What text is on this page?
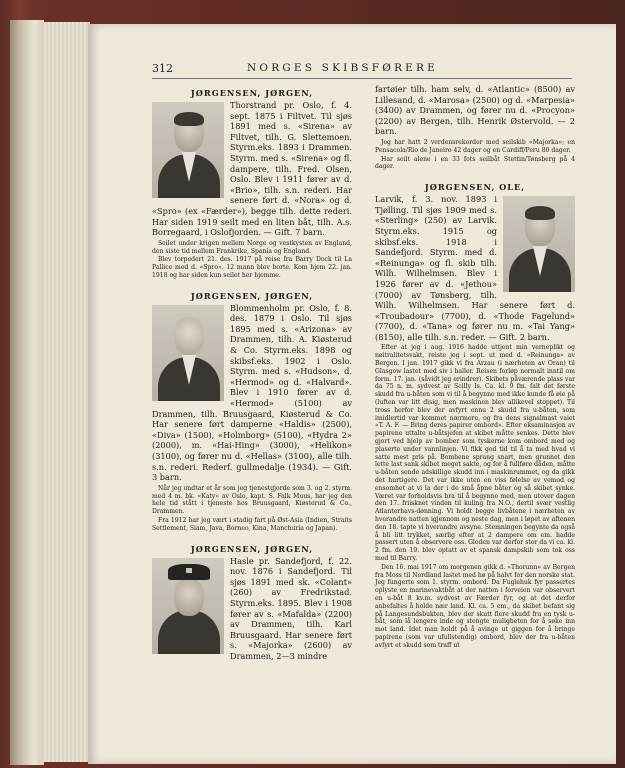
312	NORGES SKIBSFØRERE
JØRGENSEN, JØRGEN,

Thorstrand pr. Oslo, f. 4. sept. 1875 i Filtvet. Til sjøs 1891 med s. «Sirena» av Filtvet, tilh. G. Slettemoen. Styrm.eks. 1893 i Drammen. Styrm. med s. «Sirena» og fl. dampere, tilh. Fred. Olsen, Oslo. Blev i 1911 fører av d. «Brio», tilh. s.n. rederi. Har senere ført d. «Nora» og d. «Spro» (ex «Færder»), begge tilh. dette rederi. Har siden 1919 seilt med en liten båt, tilh. A.s. Borregaard, i Oslofjorden. — Gift. 7 barn.

Seilet under krigen mellem Norge og vestkysten av England, den siste tid mellem Frankrike, Spania og England.

Blev torpedert 21. des. 1917 på reise fra Barry Dock til La Pallice med d. «Spro». 12 mann blev borte. Kom hjem 22. jan. 1918 og har siden kun seilet her hjemme.

JØRGENSEN, JØRGEN,

Blommenholm pr. Oslo, f. 8. des. 1879 i Oslo. Til sjøs 1895 med s. «Arizona» av Drammen, tilh. A. Kiøsterud & Co. Styrm.eks. 1898 og skibsf.eks. 1902 i Oslo. Styrm. med s. «Hudson», d. «Hermod» og d. «Halvard». Blev i 1910 fører av d. «Hermod» (5100) av Drammen, tilh. Bruusgaard, Kiøsterud & Co. Har senere ført damperne «Haldis» (2500), «Diva» (1500), «Holmborg» (5100), «Hydra 2» (2000), m. «Hai-Hing» (3000), «Helikon» (3100), og fører nu d. «Hellas» (3100), alle tilh. s.n. rederi. Rederf. gullmedalje (1934). — Gift. 3 barn.

Når jeg undtar et år som jeg tjenestgjorde som 3. og 2. styrm. med 4 m. bk. «Katy» av Oslo, kapt. S. Falk Muus, har jeg den hele tid stått i tjeneste hos Bruusgaard, Kiøsterud & Co., Drammen.

Fra 1912 har jeg vært i stadig fart på Øst-Asia (Indien, Straits Settlement, Siam, Java, Borneo, Kina, Manchuria og Japan).

JØRGENSEN, JØRGEN,

Hasle pr. Sandefjord, f. 22. nov. 1876 i Sandefjord. Til sjøs 1891 med sk. «Colant» (260) av Fredrikstad. Styrm.eks. 1895. Blev i 1908 fører av s. «Mafalda» (2200) av Drammen, tilh. Karl Bruusgaard. Har senere ført s. «Majorka» (2600) av Drammen, 2—3 mindre

fartøier tilh. ham selv, d. «Atlantic» (8500) av Lillesand, d. «Marosa» (2500) og d. «Marpesia» (3400) av Drammen, og fører nu d. «Procyon» (2200) av Bergen, tilh. Henrik Østervold. — 2 barn.

Jeg har hatt 2 verdensrekorder med seilskib «Majorka»; en Pensacola/Rio de Janeiro 42 dager og en Cardiff/Peru 80 dager.

Har seilt alene i en 33 fots seilbåt Stettin/Tønsberg på 4 dager.

JØRGENSEN, OLE,

Larvik, f. 3. nov. 1893 i Tjølling. Til sjøs 1909 med s. «Sterling» (250) av Larvik. Styrm.eks. 1915 og skibsf.eks. 1918 i Sandefjord. Styrm. med d. «Reinunga» og fl. skib tilh. Wilh. Wilhelmsen. Blev i 1926 fører av d. «Jethou» (7000) av Tønsberg, tilh. Wilh. Wilhelmsen. Har senere ført d. «Troubadour» (7700), d. «Thode Fagelund» (7700), d. «Tana» og fører nu m. «Tai Yang» (8150), alle tilh. s.n. reder. — Gift. 2 barn.

Efter at jeg i aug. 1916 hadde uttjent min verneplikt og nøitralitetsvakt, reiste jeg i sept. ut med d. «Reinunga» av Bergen. I jan. 1917 gikk vi fra Arzau (i nærheten av Oran) til Glasgow lastet med siv i baller. Reisen forløp normalt inntil om form. 17. jan. (såvidt jeg erindrer). Skibets påværende plass var da 75 n. m. sydvest av Scilly Is. Ca. kl. 9 fm. falt det første skudd fra u-båten som vi til å begynne med ikke kunde få øie på (luften var litt disig, men maskinen blev allikevel stoppet). Til tross herfor blev der avfyrt ennu 2 skudd fra u-båten, som imidlertid var kommet nærmere, og fra dens signalmast vaiet «T. A. F. — Bring deres papirer ombord». Efter eksaminasjon av papirene uttalte u-båtsjefen at skibet måtte senkes. Dette blev gjort ved hjelp av bomber som tyskerne kom ombord med og plaserte under vannlinjen. Vi fikk god tid til å ta med hvad vi satte mest pris på. Bombene sprang snart, men grunnet den lette last sank skibet meget sakte, og for å fullføre dåden, måtte u-båten sende adskillige skudd inn i maskinrummet, og da gikk det hurtigere. Det var ikke uten en viss følelse av vemod og ensomhet at vi la der i de små åpne båter og så skibet synke. Været var forholdsvis bra til å begynne med, men utover dagen den 17. friisknet vinden til kuling fra N.O., dertil svær vestlig Atlanterhavs-dønning. Vi holdt begge livbåtene i nærheten av hverandre natten igjennom og neste dag, men i løpet av aftenen den 18. tapte vi hverandre avsyne. Stemningen begynte da også å bli litt trykket, særlig efter at 2 dampere om em. hadde passert uten å observere oss. Gleden var derfor stor da vi ca. kl. 2 fm. den 19. blev optatt av et spansk dampskib som tok oss med til Barry.

Den 16. mai 1917 om morgenen gikk d. «Thorunn» av Bergen fra Moss til Nordland lastet med hø på halvt for den norske stat. Jeg fungerte som 1. styrm. ombord. Da Fuglehuk fyr passertes oplyste en marinevaktbåt at der natten i forveien var observert en u-båt 8 kv.m. sydvest av Færder fyr, og at det derfor anbefaltes å holde nær land. Kl. ca. 5 em., da skibet befant sig på Langesundsbukten, blev der skutt flere skudd fra en tysk u-båt, som lå lengere inde og stengte muligheten for å søke inn mot land. Idet man holdt på å avinge ut giggen for å bringe papirene (som var ufullstendig) ombord, blev der fra u-båten avfyrt et skudd som traff ut
